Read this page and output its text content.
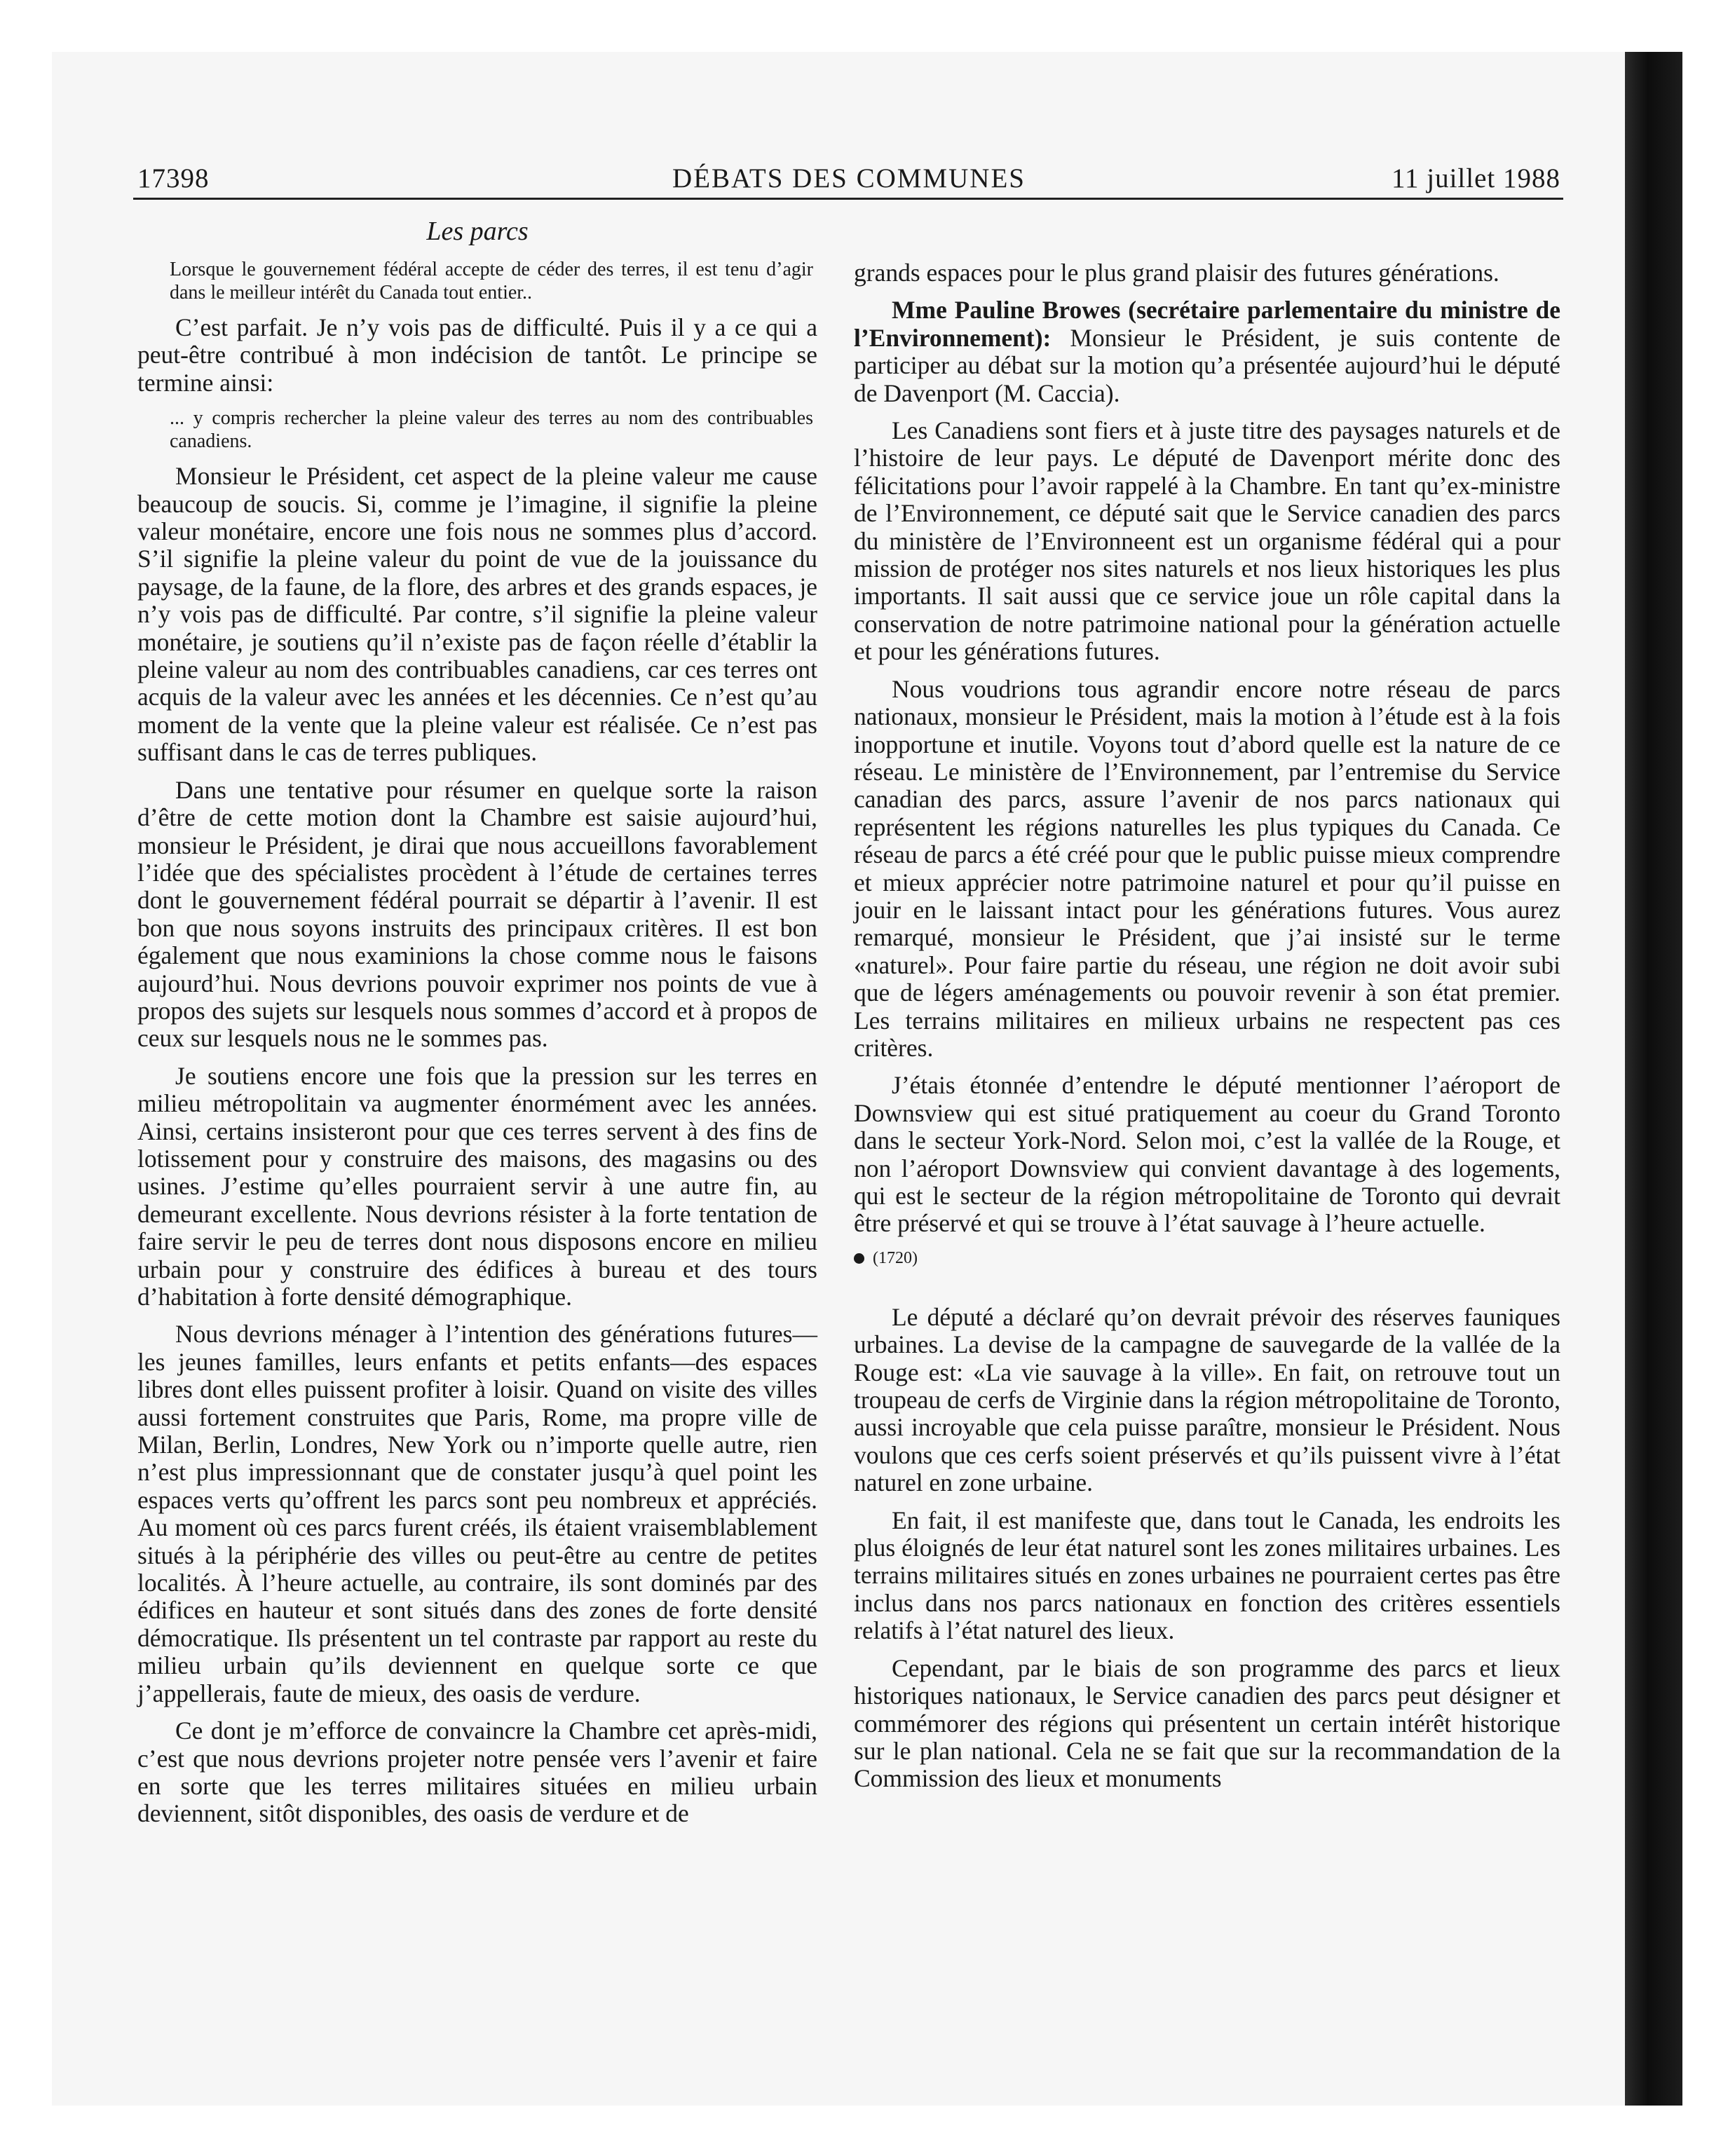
17398	DÉBATS DES COMMUNES	11 juillet 1988
Les parcs

Lorsque le gouvernement fédéral accepte de céder des terres, il est tenu d’agir dans le meilleur intérêt du Canada tout entier..

C’est parfait. Je n’y vois pas de difficulté. Puis il y a ce qui a peut-être contribué à mon indécision de tantôt. Le principe se termine ainsi:

... y compris rechercher la pleine valeur des terres au nom des contribuables canadiens.

Monsieur le Président, cet aspect de la pleine valeur me cause beaucoup de soucis. Si, comme je l’imagine, il signifie la pleine valeur monétaire, encore une fois nous ne sommes plus d’accord. S’il signifie la pleine valeur du point de vue de la jouissance du paysage, de la faune, de la flore, des arbres et des grands espaces, je n’y vois pas de difficulté. Par contre, s’il signifie la pleine valeur monétaire, je soutiens qu’il n’existe pas de façon réelle d’établir la pleine valeur au nom des contribuables canadiens, car ces terres ont acquis de la valeur avec les années et les décennies. Ce n’est qu’au moment de la vente que la pleine valeur est réalisée. Ce n’est pas suffisant dans le cas de terres publiques.

Dans une tentative pour résumer en quelque sorte la raison d’être de cette motion dont la Chambre est saisie aujourd’hui, monsieur le Président, je dirai que nous accueillons favorablement l’idée que des spécialistes procèdent à l’étude de certaines terres dont le gouvernement fédéral pourrait se départir à l’avenir. Il est bon que nous soyons instruits des principaux critères. Il est bon également que nous examinions la chose comme nous le faisons aujourd’hui. Nous devrions pouvoir exprimer nos points de vue à propos des sujets sur lesquels nous sommes d’accord et à propos de ceux sur lesquels nous ne le sommes pas.

Je soutiens encore une fois que la pression sur les terres en milieu métropolitain va augmenter énormément avec les années. Ainsi, certains insisteront pour que ces terres servent à des fins de lotissement pour y construire des maisons, des magasins ou des usines. J’estime qu’elles pourraient servir à une autre fin, au demeurant excellente. Nous devrions résister à la forte tentation de faire servir le peu de terres dont nous disposons encore en milieu urbain pour y construire des édifices à bureau et des tours d’habitation à forte densité démographique.

Nous devrions ménager à l’intention des générations futures—les jeunes familles, leurs enfants et petits enfants—des espaces libres dont elles puissent profiter à loisir. Quand on visite des villes aussi fortement construites que Paris, Rome, ma propre ville de Milan, Berlin, Londres, New York ou n’importe quelle autre, rien n’est plus impressionnant que de constater jusqu’à quel point les espaces verts qu’offrent les parcs sont peu nombreux et appréciés. Au moment où ces parcs furent créés, ils étaient vraisemblablement situés à la périphérie des villes ou peut-être au centre de petites localités. À l’heure actuelle, au contraire, ils sont dominés par des édifices en hauteur et sont situés dans des zones de forte densité démocratique. Ils présentent un tel contraste par rapport au reste du milieu urbain qu’ils deviennent en quelque sorte ce que j’appellerais, faute de mieux, des oasis de verdure.

Ce dont je m’efforce de convaincre la Chambre cet après-midi, c’est que nous devrions projeter notre pensée vers l’avenir et faire en sorte que les terres militaires situées en milieu urbain deviennent, sitôt disponibles, des oasis de verdure et de

grands espaces pour le plus grand plaisir des futures générations.

Mme Pauline Browes (secrétaire parlementaire du ministre de l’Environnement): Monsieur le Président, je suis contente de participer au débat sur la motion qu’a présentée aujourd’hui le député de Davenport (M. Caccia).

Les Canadiens sont fiers et à juste titre des paysages naturels et de l’histoire de leur pays. Le député de Davenport mérite donc des félicitations pour l’avoir rappelé à la Chambre. En tant qu’ex-ministre de l’Environnement, ce député sait que le Service canadien des parcs du ministère de l’Environneent est un organisme fédéral qui a pour mission de protéger nos sites naturels et nos lieux historiques les plus importants. Il sait aussi que ce service joue un rôle capital dans la conservation de notre patrimoine national pour la génération actuelle et pour les générations futures.

Nous voudrions tous agrandir encore notre réseau de parcs nationaux, monsieur le Président, mais la motion à l’étude est à la fois inopportune et inutile. Voyons tout d’abord quelle est la nature de ce réseau. Le ministère de l’Environnement, par l’entremise du Service canadian des parcs, assure l’avenir de nos parcs nationaux qui représentent les régions naturelles les plus typiques du Canada. Ce réseau de parcs a été créé pour que le public puisse mieux comprendre et mieux apprécier notre patrimoine naturel et pour qu’il puisse en jouir en le laissant intact pour les générations futures. Vous aurez remarqué, monsieur le Président, que j’ai insisté sur le terme «naturel». Pour faire partie du réseau, une région ne doit avoir subi que de légers aménagements ou pouvoir revenir à son état premier. Les terrains militaires en milieux urbains ne respectent pas ces critères.

J’étais étonnée d’entendre le député mentionner l’aéroport de Downsview qui est situé pratiquement au coeur du Grand Toronto dans le secteur York-Nord. Selon moi, c’est la vallée de la Rouge, et non l’aéroport Downsview qui convient davantage à des logements, qui est le secteur de la région métropolitaine de Toronto qui devrait être préservé et qui se trouve à l’état sauvage à l’heure actuelle.

(1720)

Le député a déclaré qu’on devrait prévoir des réserves fauniques urbaines. La devise de la campagne de sauvegarde de la vallée de la Rouge est: «La vie sauvage à la ville». En fait, on retrouve tout un troupeau de cerfs de Virginie dans la région métropolitaine de Toronto, aussi incroyable que cela puisse paraître, monsieur le Président. Nous voulons que ces cerfs soient préservés et qu’ils puissent vivre à l’état naturel en zone urbaine.

En fait, il est manifeste que, dans tout le Canada, les endroits les plus éloignés de leur état naturel sont les zones militaires urbaines. Les terrains militaires situés en zones urbaines ne pourraient certes pas être inclus dans nos parcs nationaux en fonction des critères essentiels relatifs à l’état naturel des lieux.

Cependant, par le biais de son programme des parcs et lieux historiques nationaux, le Service canadien des parcs peut désigner et commémorer des régions qui présentent un certain intérêt historique sur le plan national. Cela ne se fait que sur la recommandation de la Commission des lieux et monuments
